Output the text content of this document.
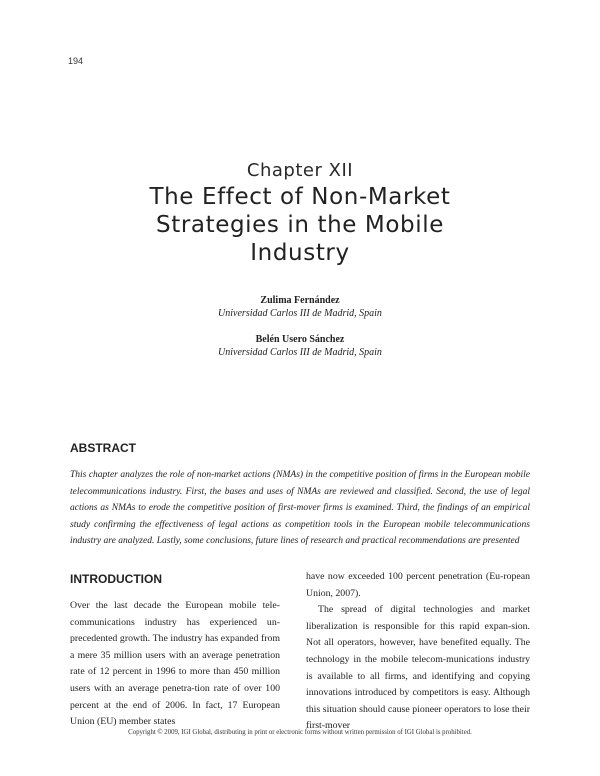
194
Chapter XII
The Effect of Non-Market
Strategies in the Mobile
Industry
Zulima Fernández
Universidad Carlos III de Madrid, Spain
Belén Usero Sánchez
Universidad Carlos III de Madrid, Spain
ABSTRACT
This chapter analyzes the role of non-market actions (NMAs) in the competitive position of firms in the European mobile telecommunications industry. First, the bases and uses of NMAs are reviewed and classified. Second, the use of legal actions as NMAs to erode the competitive position of first-mover firms is examined. Third, the findings of an empirical study confirming the effectiveness of legal actions as competition tools in the European mobile telecommunications industry are analyzed. Lastly, some conclusions, future lines of research and practical recommendations are presented
INTRODUCTION

Over the last decade the European mobile tele-communications industry has experienced un-precedented growth. The industry has expanded from a mere 35 million users with an average penetration rate of 12 percent in 1996 to more than 450 million users with an average penetra-tion rate of over 100 percent at the end of 2006. In fact, 17 European Union (EU) member states

have now exceeded 100 percent penetration (Eu-ropean Union, 2007).

The spread of digital technologies and market liberalization is responsible for this rapid expan-sion. Not all operators, however, have benefited equally. The technology in the mobile telecom-munications industry is available to all firms, and identifying and copying innovations introduced by competitors is easy. Although this situation should cause pioneer operators to lose their first-mover

Copyright © 2009, IGI Global, distributing in print or electronic forms without written permission of IGI Global is prohibited.
